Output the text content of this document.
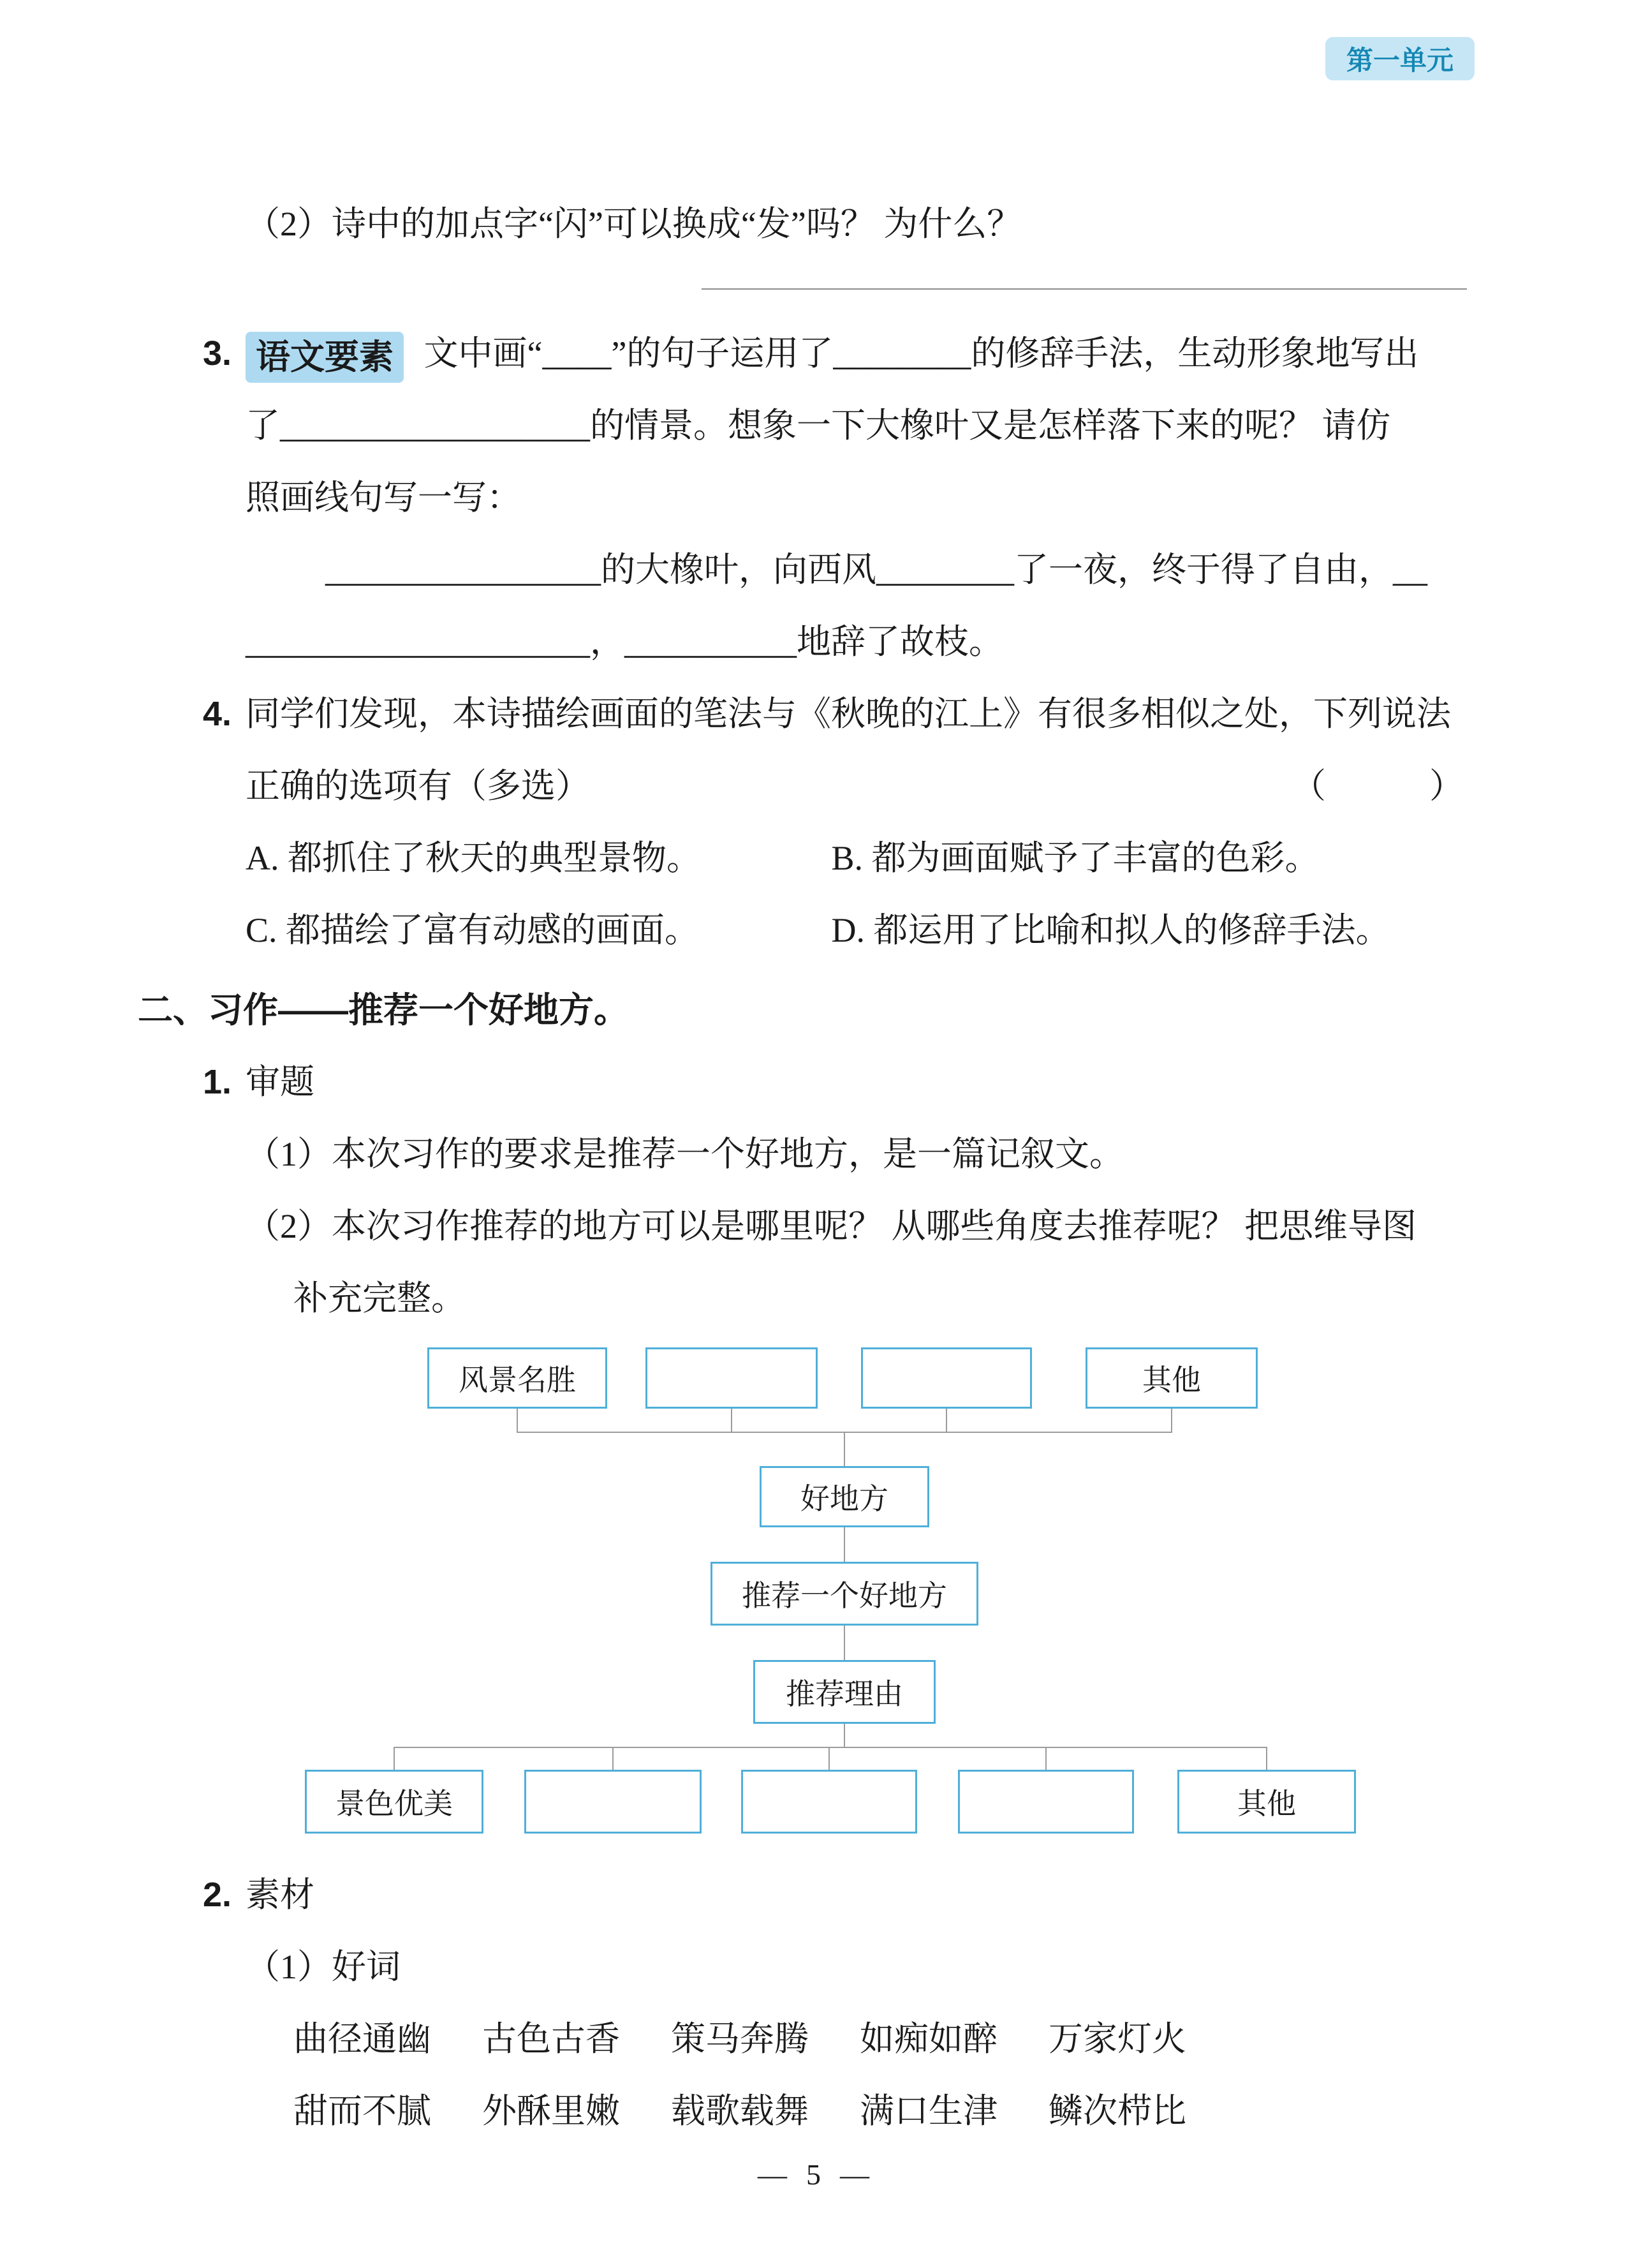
第一单元
（2）诗中的加点字“闪”可以换成“发”吗？ 为什么？
3. 语文要素 文中画“____”的句子运用了________的修辞手法，生动形象地写出
了__________________的情景。想象一下大橡叶又是怎样落下来的呢？ 请仿
照画线句写一写：
________________的大橡叶，向西风________了一夜，终于得了自由，__
____________________，__________地辞了故枝。
4. 同学们发现，本诗描绘画面的笔法与《秋晚的江上》有很多相似之处，下列说法
正确的选项有（多选）	（　　　）
A. 都抓住了秋天的典型景物。	B. 都为画面赋予了丰富的色彩。
C. 都描绘了富有动感的画面。	D. 都运用了比喻和拟人的修辞手法。
二、习作——推荐一个好地方。
1. 审题
（1）本次习作的要求是推荐一个好地方，是一篇记叙文。
（2）本次习作推荐的地方可以是哪里呢？ 从哪些角度去推荐呢？ 把思维导图
补充完整。
风景名胜	其他
好地方
推荐一个好地方
推荐理由
景色优美	其他
2. 素材
（1）好词
曲径通幽 古色古香 策马奔腾 如痴如醉 万家灯火
甜而不腻 外酥里嫩 载歌载舞 满口生津 鳞次栉比
— 5 —
